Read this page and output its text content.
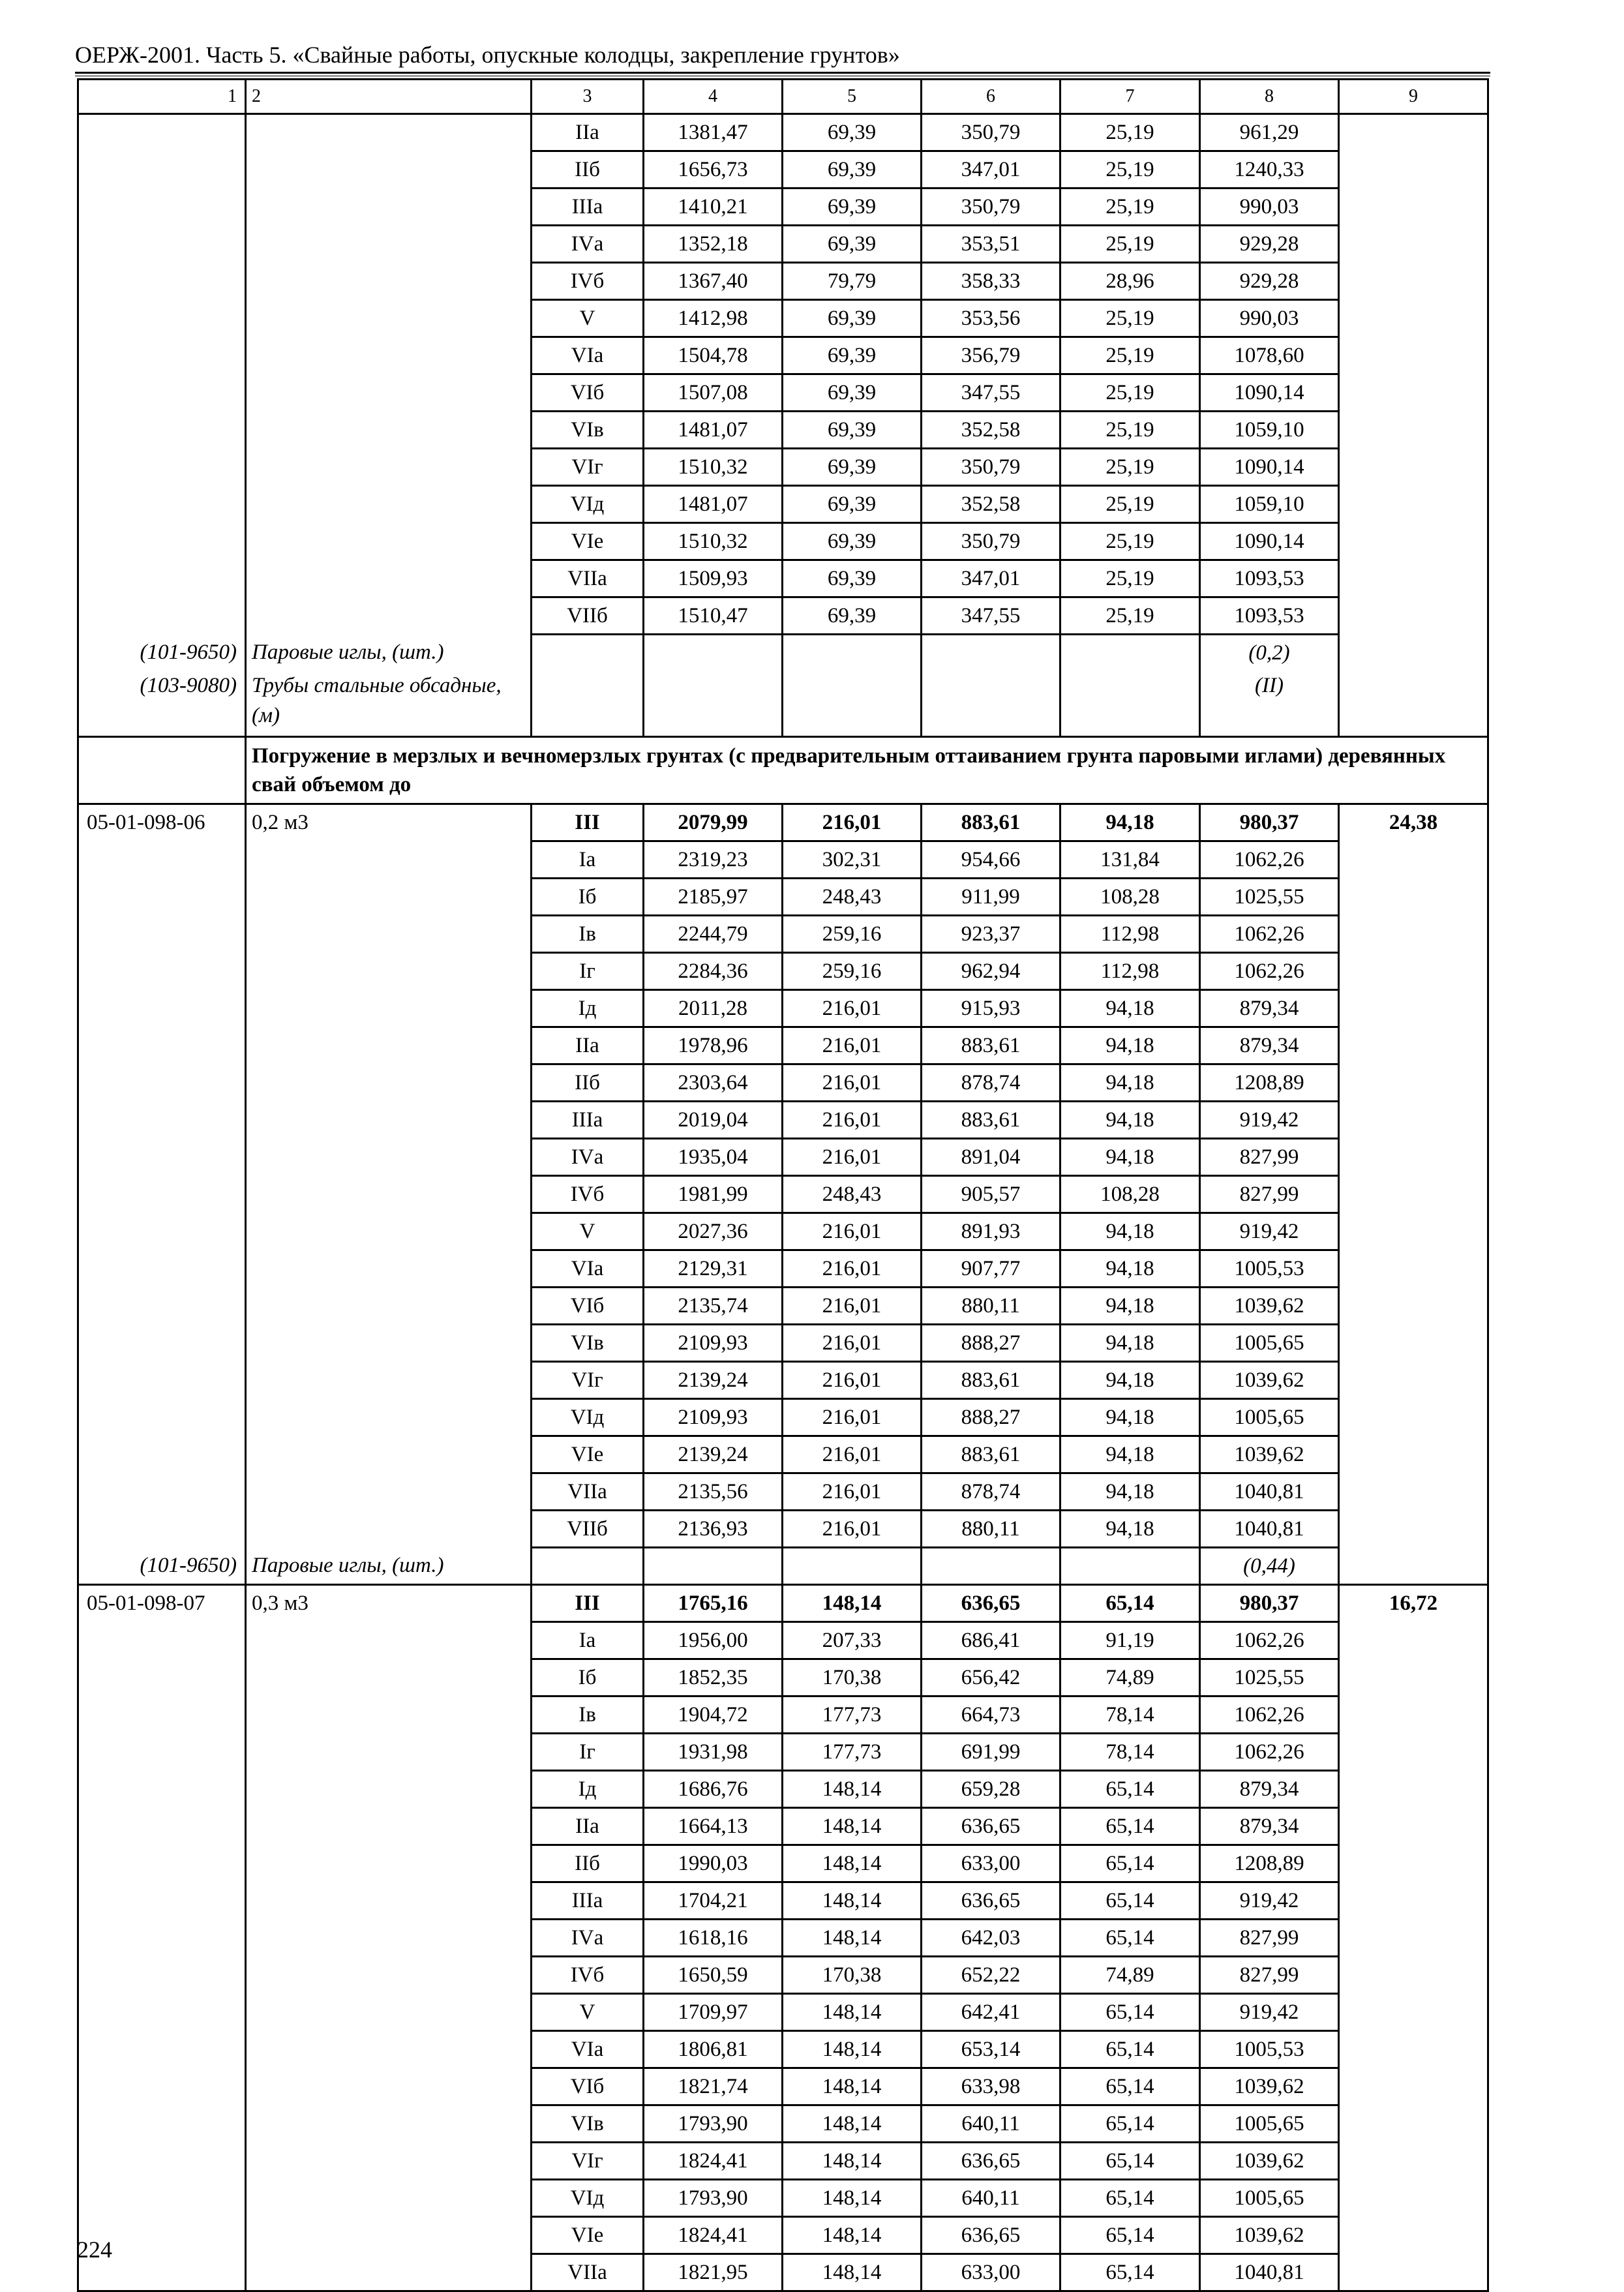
ОЕРЖ-2001. Часть 5. «Свайные работы, опускные колодцы, закрепление грунтов»
1	2	3	4	5	6	7	8	9
		IIа	1381,47	69,39	350,79	25,19	961,29	
		IIб	1656,73	69,39	347,01	25,19	1240,33	
		IIIа	1410,21	69,39	350,79	25,19	990,03	
		IVа	1352,18	69,39	353,51	25,19	929,28	
		IVб	1367,40	79,79	358,33	28,96	929,28	
		V	1412,98	69,39	353,56	25,19	990,03	
		VIа	1504,78	69,39	356,79	25,19	1078,60	
		VIб	1507,08	69,39	347,55	25,19	1090,14	
		VIв	1481,07	69,39	352,58	25,19	1059,10	
		VIг	1510,32	69,39	350,79	25,19	1090,14	
		VIд	1481,07	69,39	352,58	25,19	1059,10	
		VIе	1510,32	69,39	350,79	25,19	1090,14	
		VIIа	1509,93	69,39	347,01	25,19	1093,53	
		VIIб	1510,47	69,39	347,55	25,19	1093,53	
(101-9650)	Паровые иглы, (шт.)						(0,2)	
(103-9080)	Трубы стальные обсадные, (м)						(II)	
	Погружение в мерзлых и вечномерзлых грунтах (с предварительным оттаиванием грунта паровыми иглами) деревянных свай объемом до							
05-01-098-06	0,2 м3	III	2079,99	216,01	883,61	94,18	980,37	24,38
		Iа	2319,23	302,31	954,66	131,84	1062,26	
		Iб	2185,97	248,43	911,99	108,28	1025,55	
		Iв	2244,79	259,16	923,37	112,98	1062,26	
		Iг	2284,36	259,16	962,94	112,98	1062,26	
		Iд	2011,28	216,01	915,93	94,18	879,34	
		IIа	1978,96	216,01	883,61	94,18	879,34	
		IIб	2303,64	216,01	878,74	94,18	1208,89	
		IIIа	2019,04	216,01	883,61	94,18	919,42	
		IVа	1935,04	216,01	891,04	94,18	827,99	
		IVб	1981,99	248,43	905,57	108,28	827,99	
		V	2027,36	216,01	891,93	94,18	919,42	
		VIа	2129,31	216,01	907,77	94,18	1005,53	
		VIб	2135,74	216,01	880,11	94,18	1039,62	
		VIв	2109,93	216,01	888,27	94,18	1005,65	
		VIг	2139,24	216,01	883,61	94,18	1039,62	
		VIд	2109,93	216,01	888,27	94,18	1005,65	
		VIе	2139,24	216,01	883,61	94,18	1039,62	
		VIIа	2135,56	216,01	878,74	94,18	1040,81	
		VIIб	2136,93	216,01	880,11	94,18	1040,81	
(101-9650)	Паровые иглы, (шт.)						(0,44)	
05-01-098-07	0,3 м3	III	1765,16	148,14	636,65	65,14	980,37	16,72
		Iа	1956,00	207,33	686,41	91,19	1062,26	
		Iб	1852,35	170,38	656,42	74,89	1025,55	
		Iв	1904,72	177,73	664,73	78,14	1062,26	
		Iг	1931,98	177,73	691,99	78,14	1062,26	
		Iд	1686,76	148,14	659,28	65,14	879,34	
		IIа	1664,13	148,14	636,65	65,14	879,34	
		IIб	1990,03	148,14	633,00	65,14	1208,89	
		IIIа	1704,21	148,14	636,65	65,14	919,42	
		IVа	1618,16	148,14	642,03	65,14	827,99	
		IVб	1650,59	170,38	652,22	74,89	827,99	
		V	1709,97	148,14	642,41	65,14	919,42	
		VIа	1806,81	148,14	653,14	65,14	1005,53	
		VIб	1821,74	148,14	633,98	65,14	1039,62	
		VIв	1793,90	148,14	640,11	65,14	1005,65	
		VIг	1824,41	148,14	636,65	65,14	1039,62	
		VIд	1793,90	148,14	640,11	65,14	1005,65	
		VIе	1824,41	148,14	636,65	65,14	1039,62	
		VIIа	1821,95	148,14	633,00	65,14	1040,81	
224
